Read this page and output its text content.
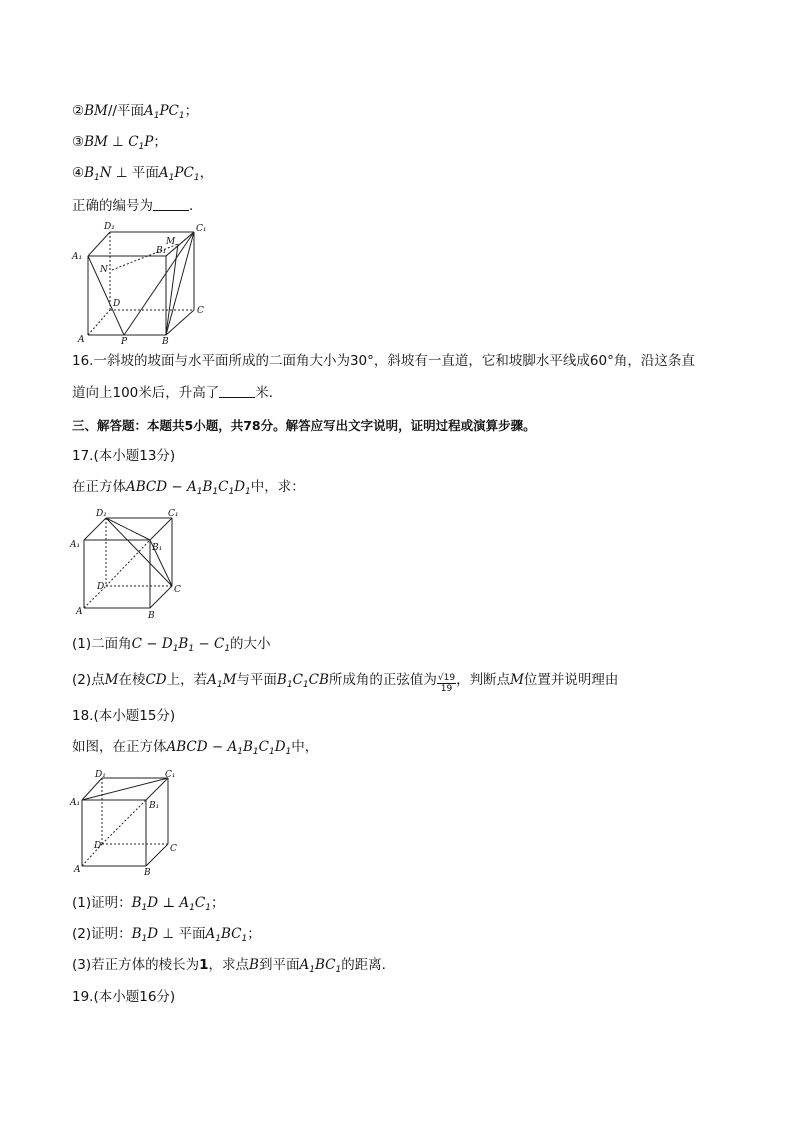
②BM//平面$A_1PC_1$；
③BM ⊥ $C_1P$；
$④B_1N$ ⊥ 平面$A_1PC_1$，
正确的编号为	．
D₁	C₁
A₁
B₁
M
N
D
C
A	P	B
16.一斜坡的坡面与水平面所成的二面角大小为30°，斜坡有一直道，它和坡脚水平线成60°角，沿这条直
道向上100米后，升高了	米．
三、解答题：本题共5小题，共78分。解答应写出文字说明，证明过程或演算步骤。
17.(本小题13分)
在正方体ABCD − $A_1B_1C_1D_1$中，求：
D₁	C₁
A₁	B₁
D	C
A	B
(1)二面角$C - D_1B_1 - C_1$的大小
(2)点M在棱CD上，若$A_1M$与平面$B_1C_1CB$所成角的正弦值为 $\frac{√19}{19}$ ，判断点M位置并说明理由
18.(本小题15分)
如图，在正方体ABCD − $A_1B_1C_1D_1$中，
D₁	C₁
A₁	B₁
D	C
A	B
(1)证明：$B_1D$ ⊥ $A_1C_1$；
(2)证明：$B_1D$ ⊥ 平面$A_1BC_1$；
(3)若正方体的棱长为1，求点B到平面$A_1BC_1$的距离．
19.(本小题16分)
